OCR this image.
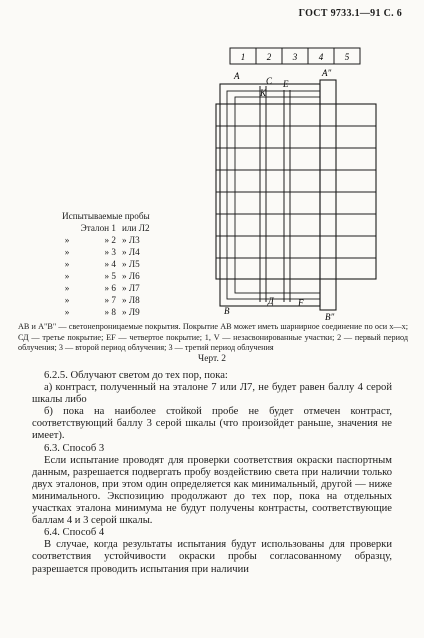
ГОСТ 9733.1—91 С. 6
1 2 3 4 5
А	А"
С Е
К
В
В"
Д	F
Испытываемые пробы
Эталон 1 или Л2
»	» 2 » Л3
»	» 3 » Л4
»	» 4 » Л5
»	» 5 » Л6
»	» 6 » Л7
»	» 7 » Л8
»	» 8 » Л9
АВ и А"В" — светонепроницаемые покрытия. Покрытие АВ может иметь шарнирное соединение по оси х—х; СД — третье покрытие; EF — четвертое покрытие; 1, V — незасвонированные участки; 2 — первый период облучения; 3 — второй период облучения; 3 — третий период облучения
Черт. 2

6.2.5. Облучают светом до тех пор, пока:

а) контраст, полученный на эталоне 7 или Л7, не будет равен баллу 4 серой шкалы либо

б) пока на наиболее стойкой пробе не будет отмечен контраст, соответствующий баллу 3 серой шкалы (что произойдет раньше, значения не имеет).

6.3. Способ 3

Если испытание проводят для проверки соответствия окраски паспортным данным, разрешается подвергать пробу воздействию света при наличии только двух эталонов, при этом один определяется как минимальный, другой — ниже минимального. Экспозицию продолжают до тех пор, пока на отдельных участках эталона минимума не будут получены контрасты, соответствующие баллам 4 и 3 серой шкалы.

6.4. Способ 4

В случае, когда результаты испытания будут использованы для проверки соответствия устойчивости окраски пробы согласованному образцу, разрешается проводить испытания при наличии
